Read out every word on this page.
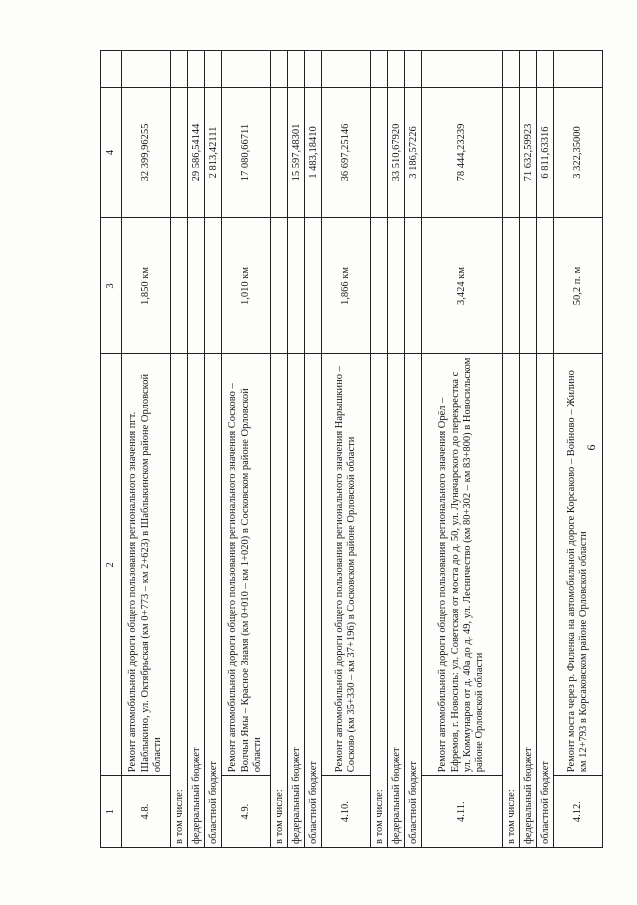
9
1	2	3	4	
4.8.	Ремонт автомобильной дороги общего пользования регионального значения пгт. Шаблыкино, ул. Октябрьская (км 0+773 – км 2+623) в Шаблыкинском районе Орловской области	1,850 км	32 399,96255	
в том числе:				
федеральный бюджет			29 586,54144	
областной бюджет			2 813,42111	
4.9.	Ремонт автомобильной дороги общего пользования регионального значения Сосково – Волчьи Ямы – Красное Знамя (км 0+010 – км 1+020) в Сосковском районе Орловской области	1,010 км	17 080,66711	
в том числе:				
федеральный бюджет			15 597,48301	
областной бюджет			1 483,18410	
4.10.	Ремонт автомобильной дороги общего пользования регионального значения Нарышкино – Сосково (км 35+330 – км 37+196) в Сосковском районе Орловской области	1,866 км	36 697,25146	
в том числе:				
федеральный бюджет			33 510,67920	
областной бюджет			3 186,57226	
4.11.	Ремонт автомобильной дороги общего пользования регионального значения Орёл – Ефремов, г. Новосиль: ул. Советская от моста до д. 50, ул. Луначарского до перекрестка с ул. Коммунаров от д. 40а до д. 49, ул. Лесничество (км 80+302 – км 83+800) в Новосильском районе Орловской области	3,424 км	78 444,23239	
в том числе:				
федеральный бюджет			71 632,59923	
областной бюджет			6 811,63316	
4.12.	Ремонт моста через р. Филенка на автомобильной дороге Корсаково – Войново – Жилино км 12+793 в Корсаковском районе Орловской области	50,2 п. м	3 322,35000	
